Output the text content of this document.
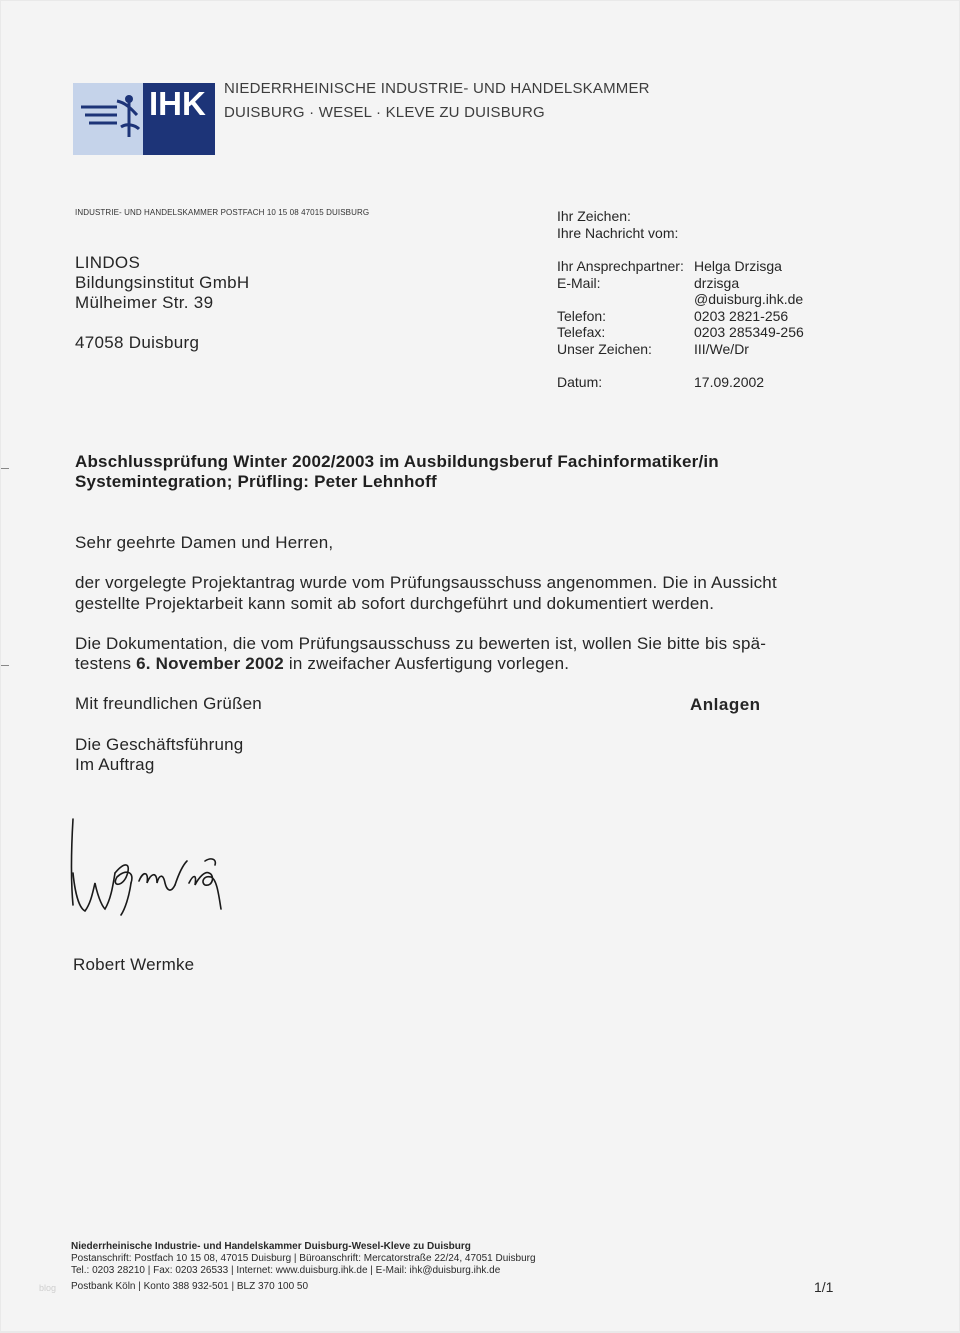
IHK NIEDERRHEINISCHE INDUSTRIE- UND HANDELSKAMMER
DUISBURG · WESEL · KLEVE ZU DUISBURG
INDUSTRIE- UND HANDELSKAMMER POSTFACH 10 15 08 47015 DUISBURG
LINDOS
Bildungsinstitut GmbH
Mülheimer Str. 39
47058 Duisburg
Ihr Zeichen:
Ihre Nachricht vom:
Ihr Ansprechpartner: Helga Drzisga
E-Mail:	drzisga
@duisburg.ihk.de
Telefon:	0203 2821-256
Telefax:	0203 285349-256
Unser Zeichen:	III/We/Dr
Datum:	17.09.2002
Abschlussprüfung Winter 2002/2003 im Ausbildungsberuf Fachinformatiker/in
Systemintegration; Prüfling: Peter Lehnhoff
Sehr geehrte Damen und Herren,
der vorgelegte Projektantrag wurde vom Prüfungsausschuss angenommen. Die in Aussicht
gestellte Projektarbeit kann somit ab sofort durchgeführt und dokumentiert werden.
Die Dokumentation, die vom Prüfungsausschuss zu bewerten ist, wollen Sie bitte bis spä-
testens 6. November 2002 in zweifacher Ausfertigung vorlegen.
Mit freundlichen Grüßen	Anlagen
Die Geschäftsführung
Im Auftrag
Robert Wermke
Niederrheinische Industrie- und Handelskammer Duisburg-Wesel-Kleve zu Duisburg
Postanschrift: Postfach 10 15 08, 47015 Duisburg | Büroanschrift: Mercatorstraße 22/24, 47051 Duisburg
Tel.: 0203 28210 | Fax: 0203 26533 | Internet: www.duisburg.ihk.de | E-Mail: ihk@duisburg.ihk.de
Postbank Köln | Konto 388 932-501 | BLZ 370 100 50
blog	1/1
